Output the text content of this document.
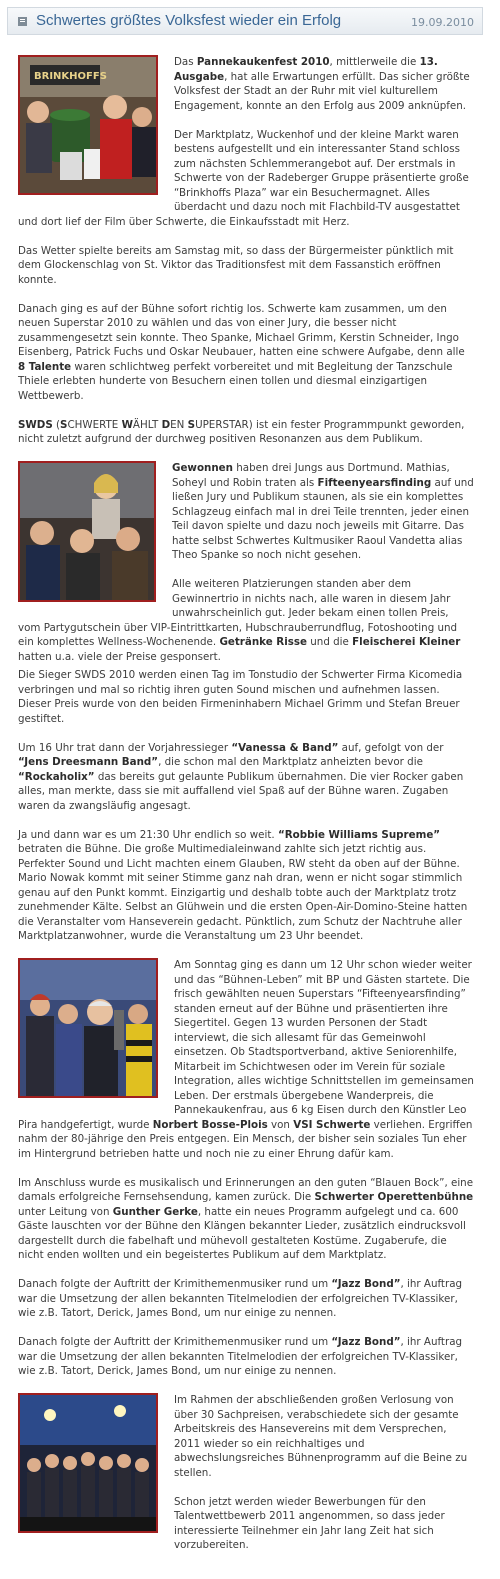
Schwertes größtes Volksfest wieder ein Erfolg	19.09.2010
BRINKHOFFS

Das Pannekaukenfest 2010, mittlerweile die 13. Ausgabe, hat alle Erwartungen erfüllt. Das sicher größte Volksfest der Stadt an der Ruhr mit viel kulturellem Engagement, konnte an den Erfolg aus 2009 anknüpfen.

Der Marktplatz, Wuckenhof und der kleine Markt waren bestens aufgestellt und ein interessanter Stand schloss zum nächsten Schlemmerangebot auf. Der erstmals in Schwerte von der Radeberger Gruppe präsentierte große “Brinkhoffs Plaza” war ein Besuchermagnet. Alles überdacht und dazu noch mit Flachbild-TV ausgestattet und dort lief der Film über Schwerte, die Einkaufsstadt mit Herz.

Das Wetter spielte bereits am Samstag mit, so dass der Bürgermeister pünktlich mit dem Glockenschlag von St. Viktor das Traditionsfest mit dem Fassanstich eröffnen konnte.

Danach ging es auf der Bühne sofort richtig los. Schwerte kam zusammen, um den neuen Superstar 2010 zu wählen und das von einer Jury, die besser nicht zusammengesetzt sein konnte. Theo Spanke, Michael Grimm, Kerstin Schneider, Ingo Eisenberg, Patrick Fuchs und Oskar Neubauer, hatten eine schwere Aufgabe, denn alle 8 Talente waren schlichtweg perfekt vorbereitet und mit Begleitung der Tanzschule Thiele erlebten hunderte von Besuchern einen tollen und diesmal einzigartigen Wettbewerb.

SWDS (SCHWERTE WÄHLT DEN SUPERSTAR) ist ein fester Programmpunkt geworden, nicht zuletzt aufgrund der durchweg positiven Resonanzen aus dem Publikum.

Gewonnen haben drei Jungs aus Dortmund. Mathias, Soheyl und Robin traten als Fifteenyearsfinding auf und ließen Jury und Publikum staunen, als sie ein komplettes Schlagzeug einfach mal in drei Teile trennten, jeder einen Teil davon spielte und dazu noch jeweils mit Gitarre. Das hatte selbst Schwertes Kultmusiker Raoul Vandetta alias Theo Spanke so noch nicht gesehen.

Alle weiteren Platzierungen standen aber dem Gewinnertrio in nichts nach, alle waren in diesem Jahr unwahrscheinlich gut. Jeder bekam einen tollen Preis, vom Partygutschein über VIP-Eintrittkarten, Hubschrauberrundflug, Fotoshooting und ein komplettes Wellness-Wochenende. Getränke Risse und die Fleischerei Kleiner hatten u.a. viele der Preise gesponsert.

Die Sieger SWDS 2010 werden einen Tag im Tonstudio der Schwerter Firma Kicomedia verbringen und mal so richtig ihren guten Sound mischen und aufnehmen lassen. Dieser Preis wurde von den beiden Firmeninhabern Michael Grimm und Stefan Breuer gestiftet.

Um 16 Uhr trat dann der Vorjahressieger “Vanessa & Band” auf, gefolgt von der “Jens Dreesmann Band”, die schon mal den Marktplatz anheizten bevor die “Rockaholix” das bereits gut gelaunte Publikum übernahmen. Die vier Rocker gaben alles, man merkte, dass sie mit auffallend viel Spaß auf der Bühne waren. Zugaben waren da zwangsläufig angesagt.

Ja und dann war es um 21:30 Uhr endlich so weit. “Robbie Williams Supreme” betraten die Bühne. Die große Multimedialeinwand zahlte sich jetzt richtig aus. Perfekter Sound und Licht machten einem Glauben, RW steht da oben auf der Bühne. Mario Nowak kommt mit seiner Stimme ganz nah dran, wenn er nicht sogar stimmlich genau auf den Punkt kommt. Einzigartig und deshalb tobte auch der Marktplatz trotz zunehmender Kälte. Selbst an Glühwein und die ersten Open-Air-Domino-Steine hatten die Veranstalter vom Hanseverein gedacht. Pünktlich, zum Schutz der Nachtruhe aller Marktplatzanwohner, wurde die Veranstaltung um 23 Uhr beendet.

Am Sonntag ging es dann um 12 Uhr schon wieder weiter und das “Bühnen-Leben” mit BP und Gästen startete. Die frisch gewählten neuen Superstars “Fifteenyearsfinding” standen erneut auf der Bühne und präsentierten ihre Siegertitel. Gegen 13 wurden Personen der Stadt interviewt, die sich allesamt für das Gemeinwohl einsetzen. Ob Stadtsportverband, aktive Seniorenhilfe, Mitarbeit im Schichtwesen oder im Verein für soziale Integration, alles wichtige Schnittstellen im gemeinsamen Leben. Der erstmals übergebene Wanderpreis, die Pannekaukenfrau, aus 6 kg Eisen durch den Künstler Leo Pira handgefertigt, wurde Norbert Bosse-Plois von VSI Schwerte verliehen. Ergriffen nahm der 80-jährige den Preis entgegen. Ein Mensch, der bisher sein soziales Tun eher im Hintergrund betrieben hatte und noch nie zu einer Ehrung dafür kam.

Im Anschluss wurde es musikalisch und Erinnerungen an den guten “Blauen Bock”, eine damals erfolgreiche Fernsehsendung, kamen zurück. Die Schwerter Operettenbühne unter Leitung von Gunther Gerke, hatte ein neues Programm aufgelegt und ca. 600 Gäste lauschten vor der Bühne den Klängen bekannter Lieder, zusätzlich eindrucksvoll dargestellt durch die fabelhaft und mühevoll gestalteten Kostüme. Zugaberufe, die nicht enden wollten und ein begeistertes Publikum auf dem Marktplatz.

Danach folgte der Auftritt der Krimithemenmusiker rund um “Jazz Bond”, ihr Auftrag war die Umsetzung der allen bekannten Titelmelodien der erfolgreichen TV-Klassiker, wie z.B. Tatort, Derick, James Bond, um nur einige zu nennen.

Danach folgte der Auftritt der Krimithemenmusiker rund um “Jazz Bond”, ihr Auftrag war die Umsetzung der allen bekannten Titelmelodien der erfolgreichen TV-Klassiker, wie z.B. Tatort, Derick, James Bond, um nur einige zu nennen.

Im Rahmen der abschließenden großen Verlosung von über 30 Sachpreisen, verabschiedete sich der gesamte Arbeitskreis des Hansevereins mit dem Versprechen, 2011 wieder so ein reichhaltiges und abwechslungsreiches Bühnenprogramm auf die Beine zu stellen.

Schon jetzt werden wieder Bewerbungen für den Talentwettbewerb 2011 angenommen, so dass jeder interessierte Teilnehmer ein Jahr lang Zeit hat sich vorzubereiten.
